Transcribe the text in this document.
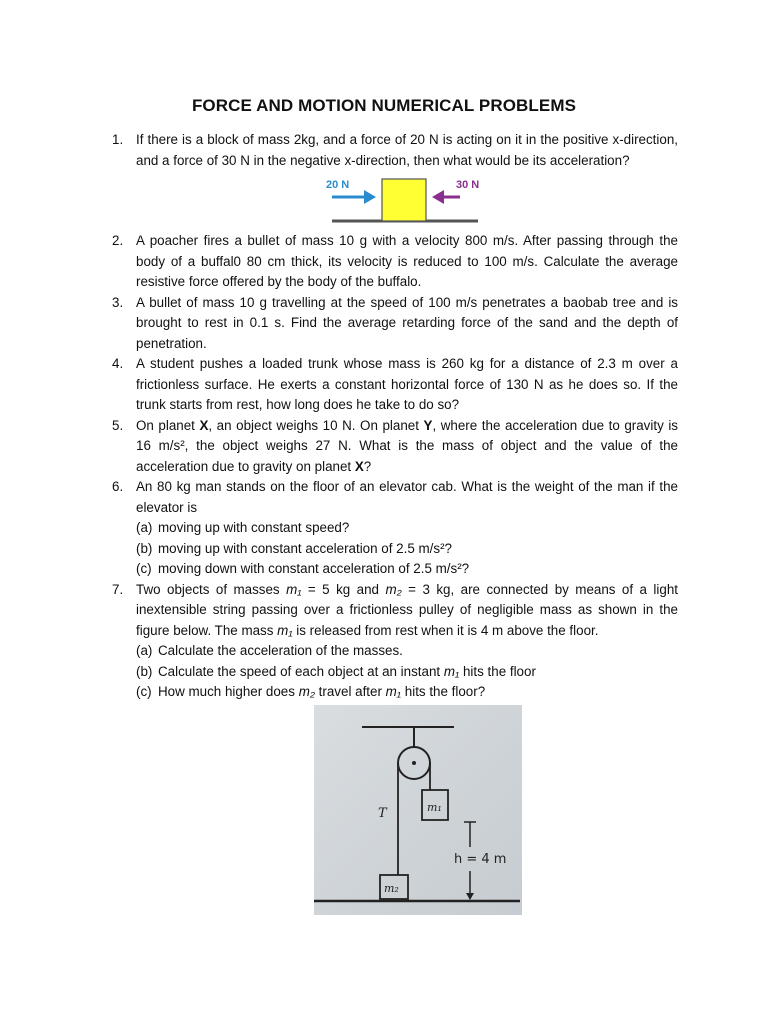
FORCE AND MOTION NUMERICAL PROBLEMS
1. If there is a block of mass 2kg, and a force of 20 N is acting on it in the positive x-direction, and a force of 30 N in the negative x-direction, then what would be its acceleration?
20 N	30 N
2. A poacher fires a bullet of mass 10 g with a velocity 800 m/s. After passing through the body of a buffal0 80 cm thick, its velocity is reduced to 100 m/s. Calculate the average resistive force offered by the body of the buffalo.
3. A bullet of mass 10 g travelling at the speed of 100 m/s penetrates a baobab tree and is brought to rest in 0.1 s. Find the average retarding force of the sand and the depth of penetration.
4. A student pushes a loaded trunk whose mass is 260 kg for a distance of 2.3 m over a frictionless surface. He exerts a constant horizontal force of 130 N as he does so. If the trunk starts from rest, how long does he take to do so?
5. On planet X, an object weighs 10 N. On planet Y, where the acceleration due to gravity is 16 m/s², the object weighs 27 N. What is the mass of object and the value of the acceleration due to gravity on planet X?
6. An 80 kg man stands on the floor of an elevator cab. What is the weight of the man if the elevator is
(a) moving up with constant speed?
(b) moving up with constant acceleration of 2.5 m/s²?
(c) moving down with constant acceleration of 2.5 m/s²?
7. Two objects of masses m₁ = 5 kg and m₂ = 3 kg, are connected by means of a light inextensible string passing over a frictionless pulley of negligible mass as shown in the figure below. The mass m₁ is released from rest when it is 4 m above the floor.
(a) Calculate the acceleration of the masses.
(b) Calculate the speed of each object at an instant m₁ hits the floor
(c) How much higher does m₂ travel after m₁ hits the floor?
T	m₁
m₂
h = 4 m
